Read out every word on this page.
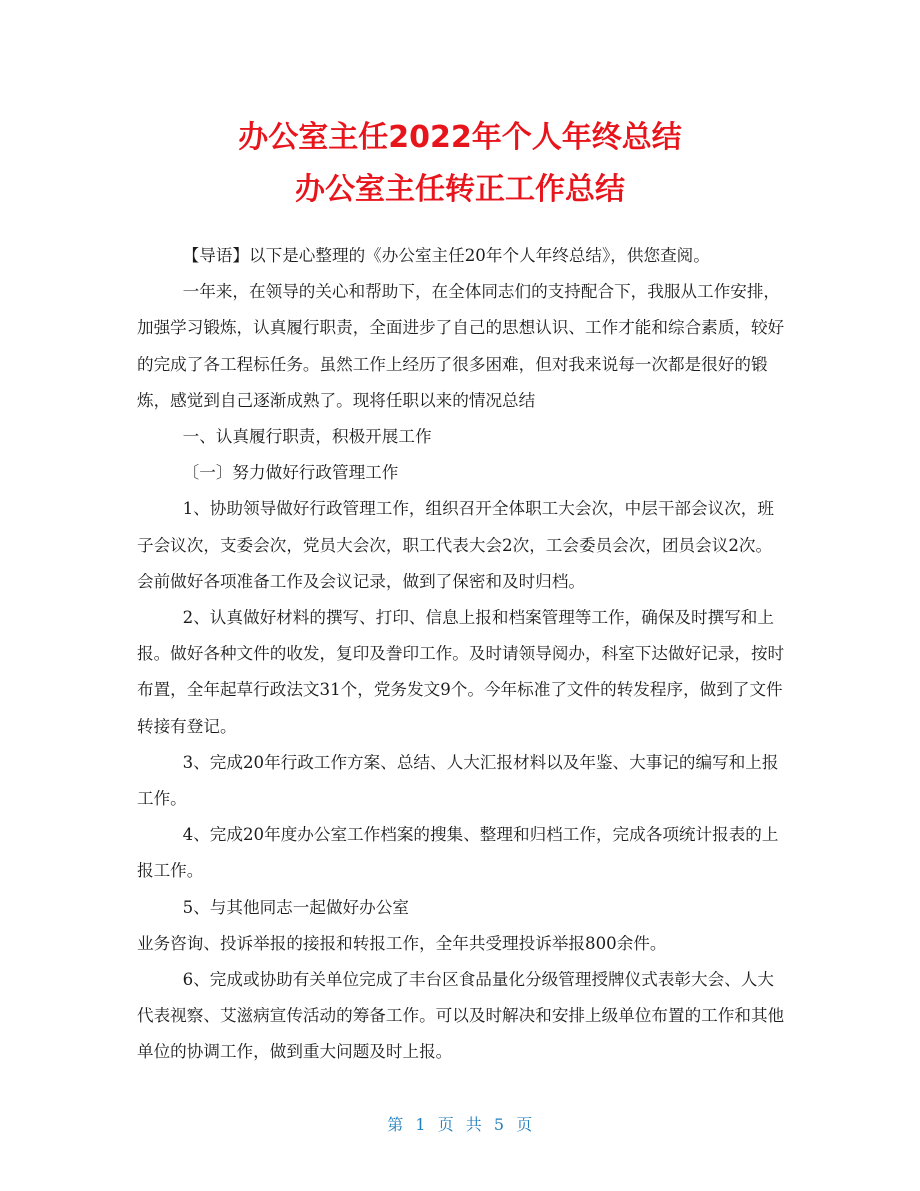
办公室主任2022年个人年终总结
办公室主任转正工作总结

【导语】以下是心整理的《办公室主任20年个人年终总结》，供您查阅。

一年来，在领导的关心和帮助下，在全体同志们的支持配合下，我服从工作安排，加强学习锻炼，认真履行职责，全面进步了自己的思想认识、工作才能和综合素质，较好的完成了各工程标任务。虽然工作上经历了很多困难，但对我来说每一次都是很好的锻炼，感觉到自己逐渐成熟了。现将任职以来的情况总结

一、认真履行职责，积极开展工作

〔一〕努力做好行政管理工作

1、协助领导做好行政管理工作，组织召开全体职工大会次，中层干部会议次，班子会议次，支委会次，党员大会次，职工代表大会2次，工会委员会次，团员会议2次。会前做好各项准备工作及会议记录，做到了保密和及时归档。

2、认真做好材料的撰写、打印、信息上报和档案管理等工作，确保及时撰写和上报。做好各种文件的收发，复印及誊印工作。及时请领导阅办，科室下达做好记录，按时布置，全年起草行政法文31个，党务发文9个。今年标准了文件的转发程序，做到了文件转接有登记。

3、完成20年行政工作方案、总结、人大汇报材料以及年鉴、大事记的编写和上报工作。

4、完成20年度办公室工作档案的搜集、整理和归档工作，完成各项统计报表的上报工作。

5、与其他同志一起做好办公室

业务咨询、投诉举报的接报和转报工作，全年共受理投诉举报800余件。

6、完成或协助有关单位完成了丰台区食品量化分级管理授牌仪式表彰大会、人大代表视察、艾滋病宣传活动的筹备工作。可以及时解决和安排上级单位布置的工作和其他单位的协调工作，做到重大问题及时上报。

第 1 页 共 5 页
